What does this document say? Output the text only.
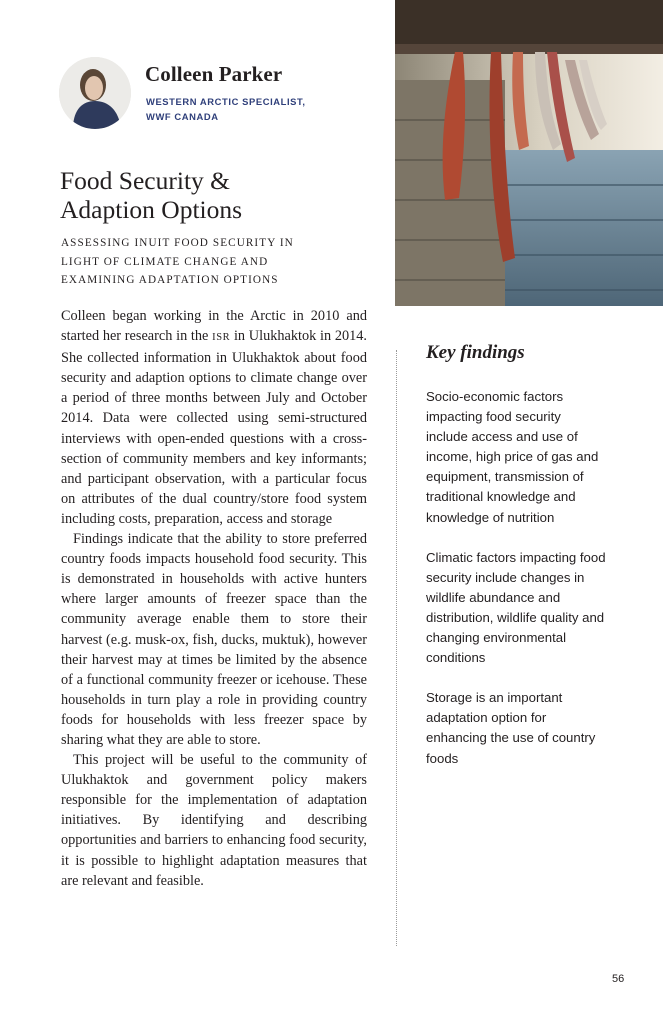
Colleen Parker
WESTERN ARCTIC SPECIALIST,
WWF CANADA
Food Security &
Adaption Options
ASSESSING INUIT FOOD SECURITY IN
LIGHT OF CLIMATE CHANGE AND
EXAMINING ADAPTATION OPTIONS

Colleen began working in the Arctic in 2010 and started her research in the ISR in Ulukhaktok in 2014. She collected information in Ulukhaktok about food security and adaption options to climate change over a period of three months between July and October 2014. Data were collected using semi-structured interviews with open-ended questions with a cross-section of community members and key informants; and participant observation, with a particular focus on attributes of the dual country/store food system including costs, preparation, access and storage

Findings indicate that the ability to store preferred country foods impacts household food security. This is demonstrated in households with active hunters where larger amounts of freezer space than the community average enable them to store their harvest (e.g. musk-ox, fish, ducks, muktuk), however their harvest may at times be limited by the absence of a functional community freezer or icehouse. These households in turn play a role in providing country foods for households with less freezer space by sharing what they are able to store.

This project will be useful to the community of Ulukhaktok and government policy makers responsible for the implementation of adaptation initiatives. By identifying and describing opportunities and barriers to enhancing food security, it is possible to highlight adaptation measures that are relevant and feasible.

Key findings
Socio-economic factors impacting food security include access and use of income, high price of gas and equipment, transmission of traditional knowledge and knowledge of nutrition
Climatic factors impacting food security include changes in wildlife abundance and distribution, wildlife quality and changing environmental conditions
Storage is an important adaptation option for enhancing the use of country foods
56
